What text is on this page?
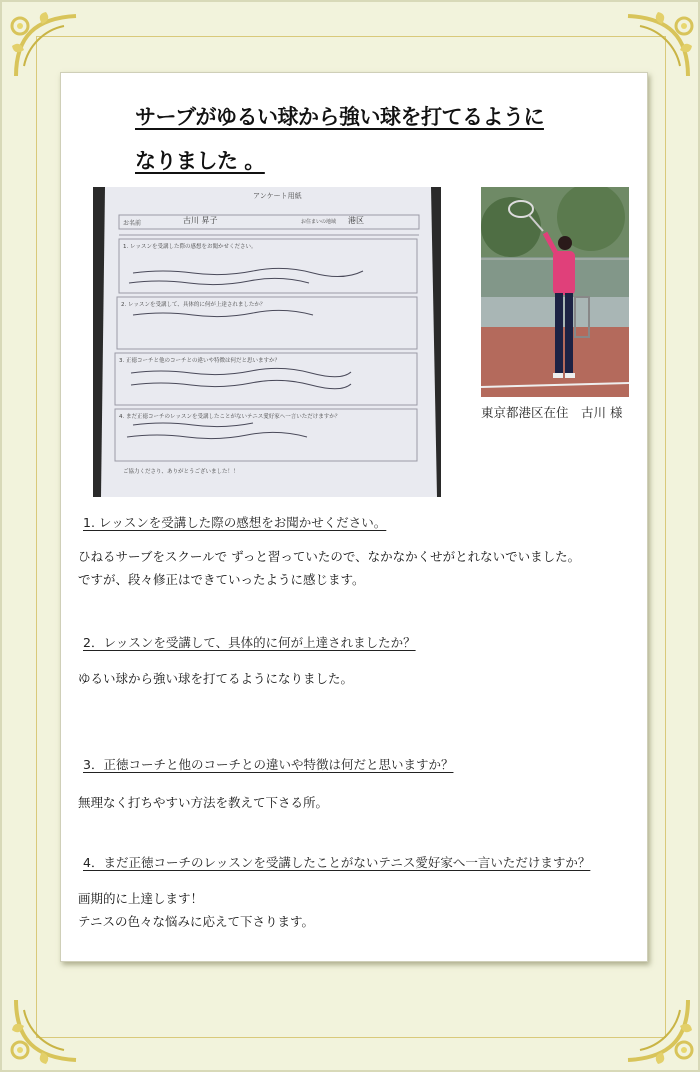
サーブがゆるい球から強い球を打てるように
なりました 。
アンケート用紙
お名前	古川 昇子	お住まいの地域 港区
1. レッスンを受講した際の感想をお聞かせください。
2. レッスンを受講して、具体的に何が上達されましたか？
3. 正徳コーチと他のコーチとの違いや特徴は何だと思いますか？
4. まだ正徳コーチのレッスンを受講したことがないテニス愛好家へ一言いただけますか？
ご協力くださり、ありがとうございました！！
東京都港区在住　古川 様
1. レッスンを受講した際の感想をお聞かせください。
ひねるサーブをスクールで ずっと習っていたので、なかなかくせがとれないでいました。
ですが、段々修正はできていったように感じます。
2．レッスンを受講して、具体的に何が上達されましたか？
ゆるい球から強い球を打てるようになりました。
3．正徳コーチと他のコーチとの違いや特徴は何だと思いますか？
無理なく打ちやすい方法を教えて下さる所。
4．まだ正徳コーチのレッスンを受講したことがないテニス愛好家へ一言いただけますか？
画期的に上達します！
テニスの色々な悩みに応えて下さります。
